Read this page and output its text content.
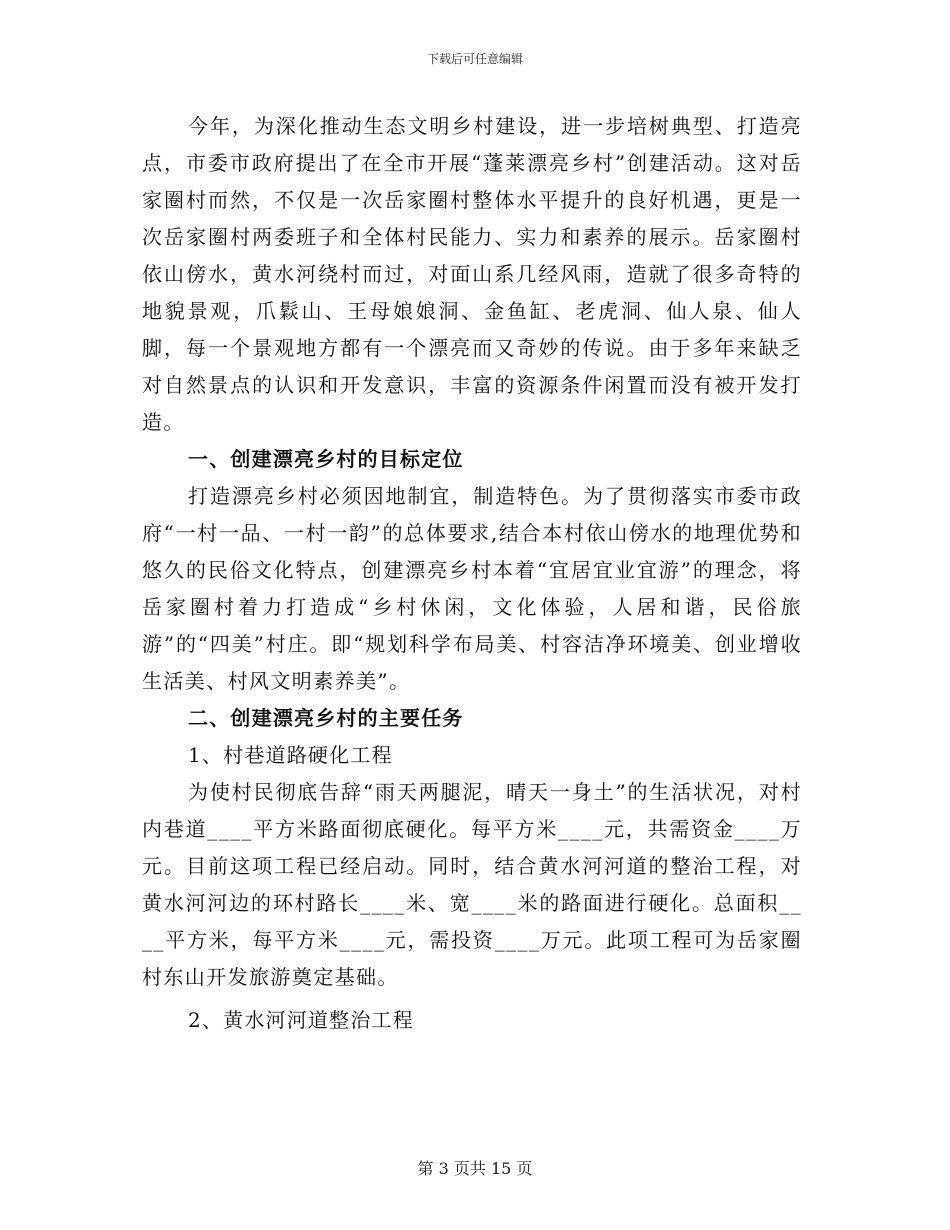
下载后可任意编辑

今年，为深化推动生态文明乡村建设，进一步培树典型、打造亮点，市委市政府提出了在全市开展“蓬莱漂亮乡村”创建活动。这对岳家圈村而然，不仅是一次岳家圈村整体水平提升的良好机遇，更是一次岳家圈村两委班子和全体村民能力、实力和素养的展示。岳家圈村依山傍水，黄水河绕村而过，对面山系几经风雨，造就了很多奇特的地貌景观，爪鬏山、王母娘娘洞、金鱼缸、老虎洞、仙人泉、仙人脚，每一个景观地方都有一个漂亮而又奇妙的传说。由于多年来缺乏对自然景点的认识和开发意识，丰富的资源条件闲置而没有被开发打造。

一、创建漂亮乡村的目标定位

打造漂亮乡村必须因地制宜，制造特色。为了贯彻落实市委市政府“一村一品、一村一韵”的总体要求,结合本村依山傍水的地理优势和悠久的民俗文化特点，创建漂亮乡村本着“宜居宜业宜游”的理念，将岳家圈村着力打造成“乡村休闲，文化体验，人居和谐，民俗旅游”的“四美”村庄。即“规划科学布局美、村容洁净环境美、创业增收生活美、村风文明素养美”。

二、创建漂亮乡村的主要任务

1、村巷道路硬化工程

为使村民彻底告辞“雨天两腿泥，晴天一身土”的生活状况，对村内巷道____平方米路面彻底硬化。每平方米____元，共需资金____万元。目前这项工程已经启动。同时，结合黄水河河道的整治工程，对黄水河河边的环村路长____米、宽____米的路面进行硬化。总面积____平方米，每平方米____元，需投资____万元。此项工程可为岳家圈村东山开发旅游奠定基础。

2、黄水河河道整治工程

第 3 页共 15 页
